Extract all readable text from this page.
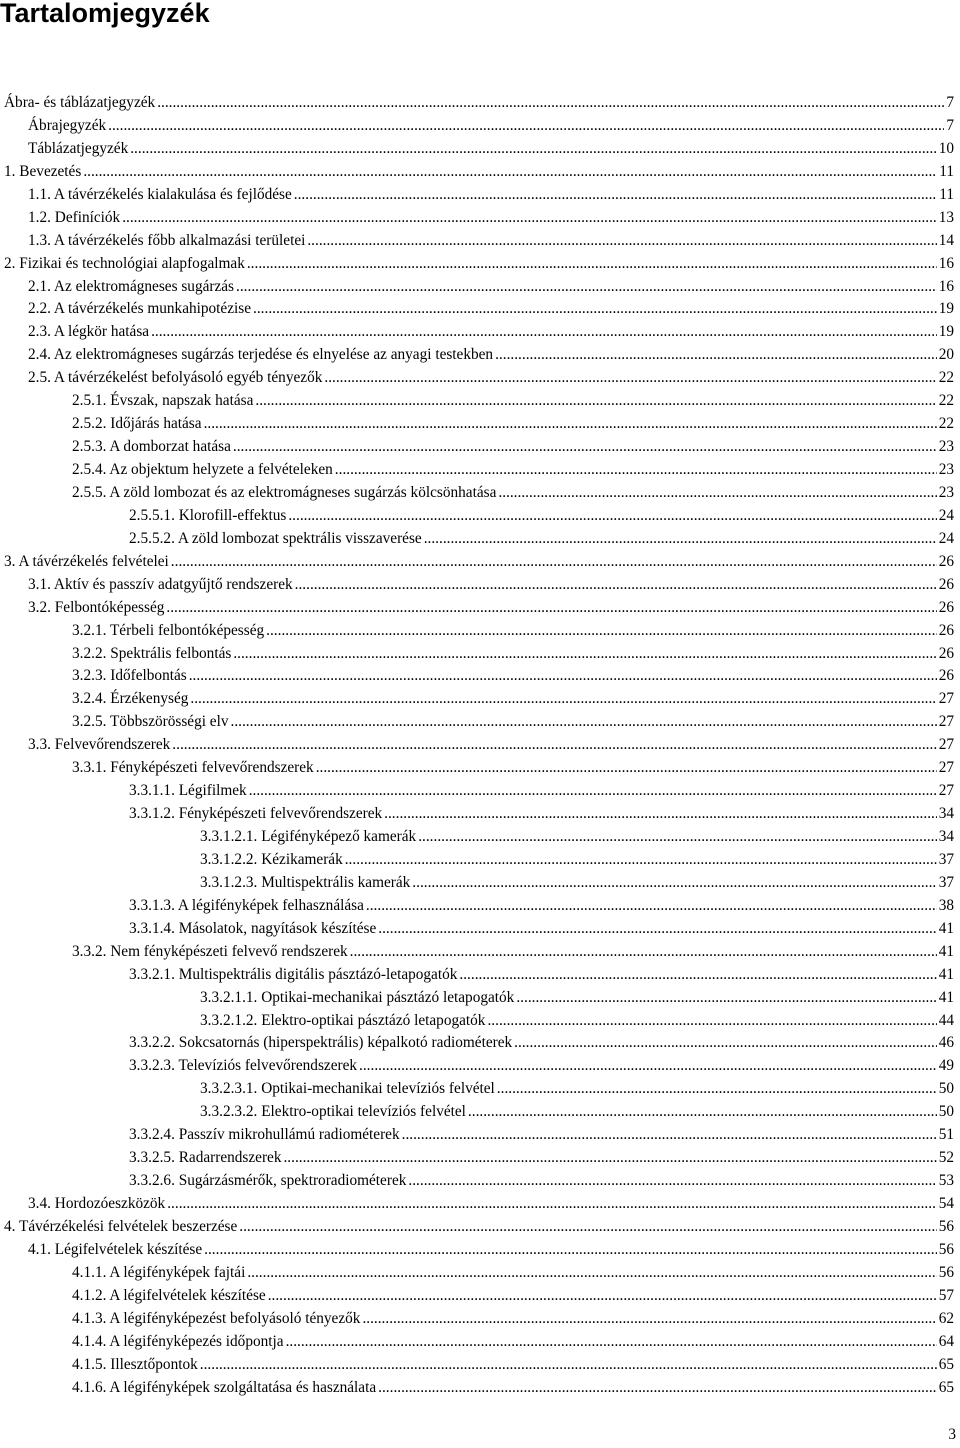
Tartalomjegyzék
Ábra- és táblázatjegyzék .....	7
Ábrajegyzék .....	7
Táblázatjegyzék .....	10
1. Bevezetés .....	11
1.1. A távérzékelés kialakulása és fejlődése .....	11
1.2. Definíciók .....	13
1.3. A távérzékelés főbb alkalmazási területei .....	14
2. Fizikai és technológiai alapfogalmak .....	16
2.1. Az elektromágneses sugárzás .....	16
2.2. A távérzékelés munkahipotézise .....	19
2.3. A légkör hatása .....	19
2.4. Az elektromágneses sugárzás terjedése és elnyelése az anyagi testekben .....	20
2.5. A távérzékelést befolyásoló egyéb tényezők .....	22
2.5.1. Évszak, napszak hatása .....	22
2.5.2. Időjárás hatása .....	22
2.5.3. A domborzat hatása .....	23
2.5.4. Az objektum helyzete a felvételeken .....	23
2.5.5. A zöld lombozat és az elektromágneses sugárzás kölcsönhatása .....	23
2.5.5.1. Klorofill-effektus .....	24
2.5.5.2. A zöld lombozat spektrális visszaverése .....	24
3. A távérzékelés felvételei .....	26
3.1. Aktív és passzív adatgyűjtő rendszerek .....	26
3.2. Felbontóképesség .....	26
3.2.1. Térbeli felbontóképesség .....	26
3.2.2. Spektrális felbontás .....	26
3.2.3. Időfelbontás .....	26
3.2.4. Érzékenység .....	27
3.2.5. Többszörösségi elv .....	27
3.3. Felvevőrendszerek .....	27
3.3.1. Fényképészeti felvevőrendszerek .....	27
3.3.1.1. Légifilmek .....	27
3.3.1.2. Fényképészeti felvevőrendszerek .....	34
3.3.1.2.1. Légifényképező kamerák .....	34
3.3.1.2.2. Kézikamerák .....	37
3.3.1.2.3. Multispektrális kamerák .....	37
3.3.1.3. A légifényképek felhasználása .....	38
3.3.1.4. Másolatok, nagyítások készítése .....	41
3.3.2. Nem fényképészeti felvevő rendszerek .....	41
3.3.2.1. Multispektrális digitális pásztázó-letapogatók .....	41
3.3.2.1.1. Optikai-mechanikai pásztázó letapogatók .....	41
3.3.2.1.2. Elektro-optikai pásztázó letapogatók .....	44
3.3.2.2. Sokcsatornás (hiperspektrális) képalkotó radiométerek .....	46
3.3.2.3. Televíziós felvevőrendszerek .....	49
3.3.2.3.1. Optikai-mechanikai televíziós felvétel .....	50
3.3.2.3.2. Elektro-optikai televíziós felvétel .....	50
3.3.2.4. Passzív mikrohullámú radiométerek .....	51
3.3.2.5. Radarrendszerek .....	52
3.3.2.6. Sugárzásmérők, spektroradiométerek .....	53
3.4. Hordozóeszközök .....	54
4. Távérzékelési felvételek beszerzése .....	56
4.1. Légifelvételek készítése .....	56
4.1.1. A légifényképek fajtái .....	56
4.1.2. A légifelvételek készítése .....	57
4.1.3. A légifényképezést befolyásoló tényezők .....	62
4.1.4. A légifényképezés időpontja .....	64
4.1.5. Illesztőpontok .....	65
4.1.6. A légifényképek szolgáltatása és használata .....	65
3
